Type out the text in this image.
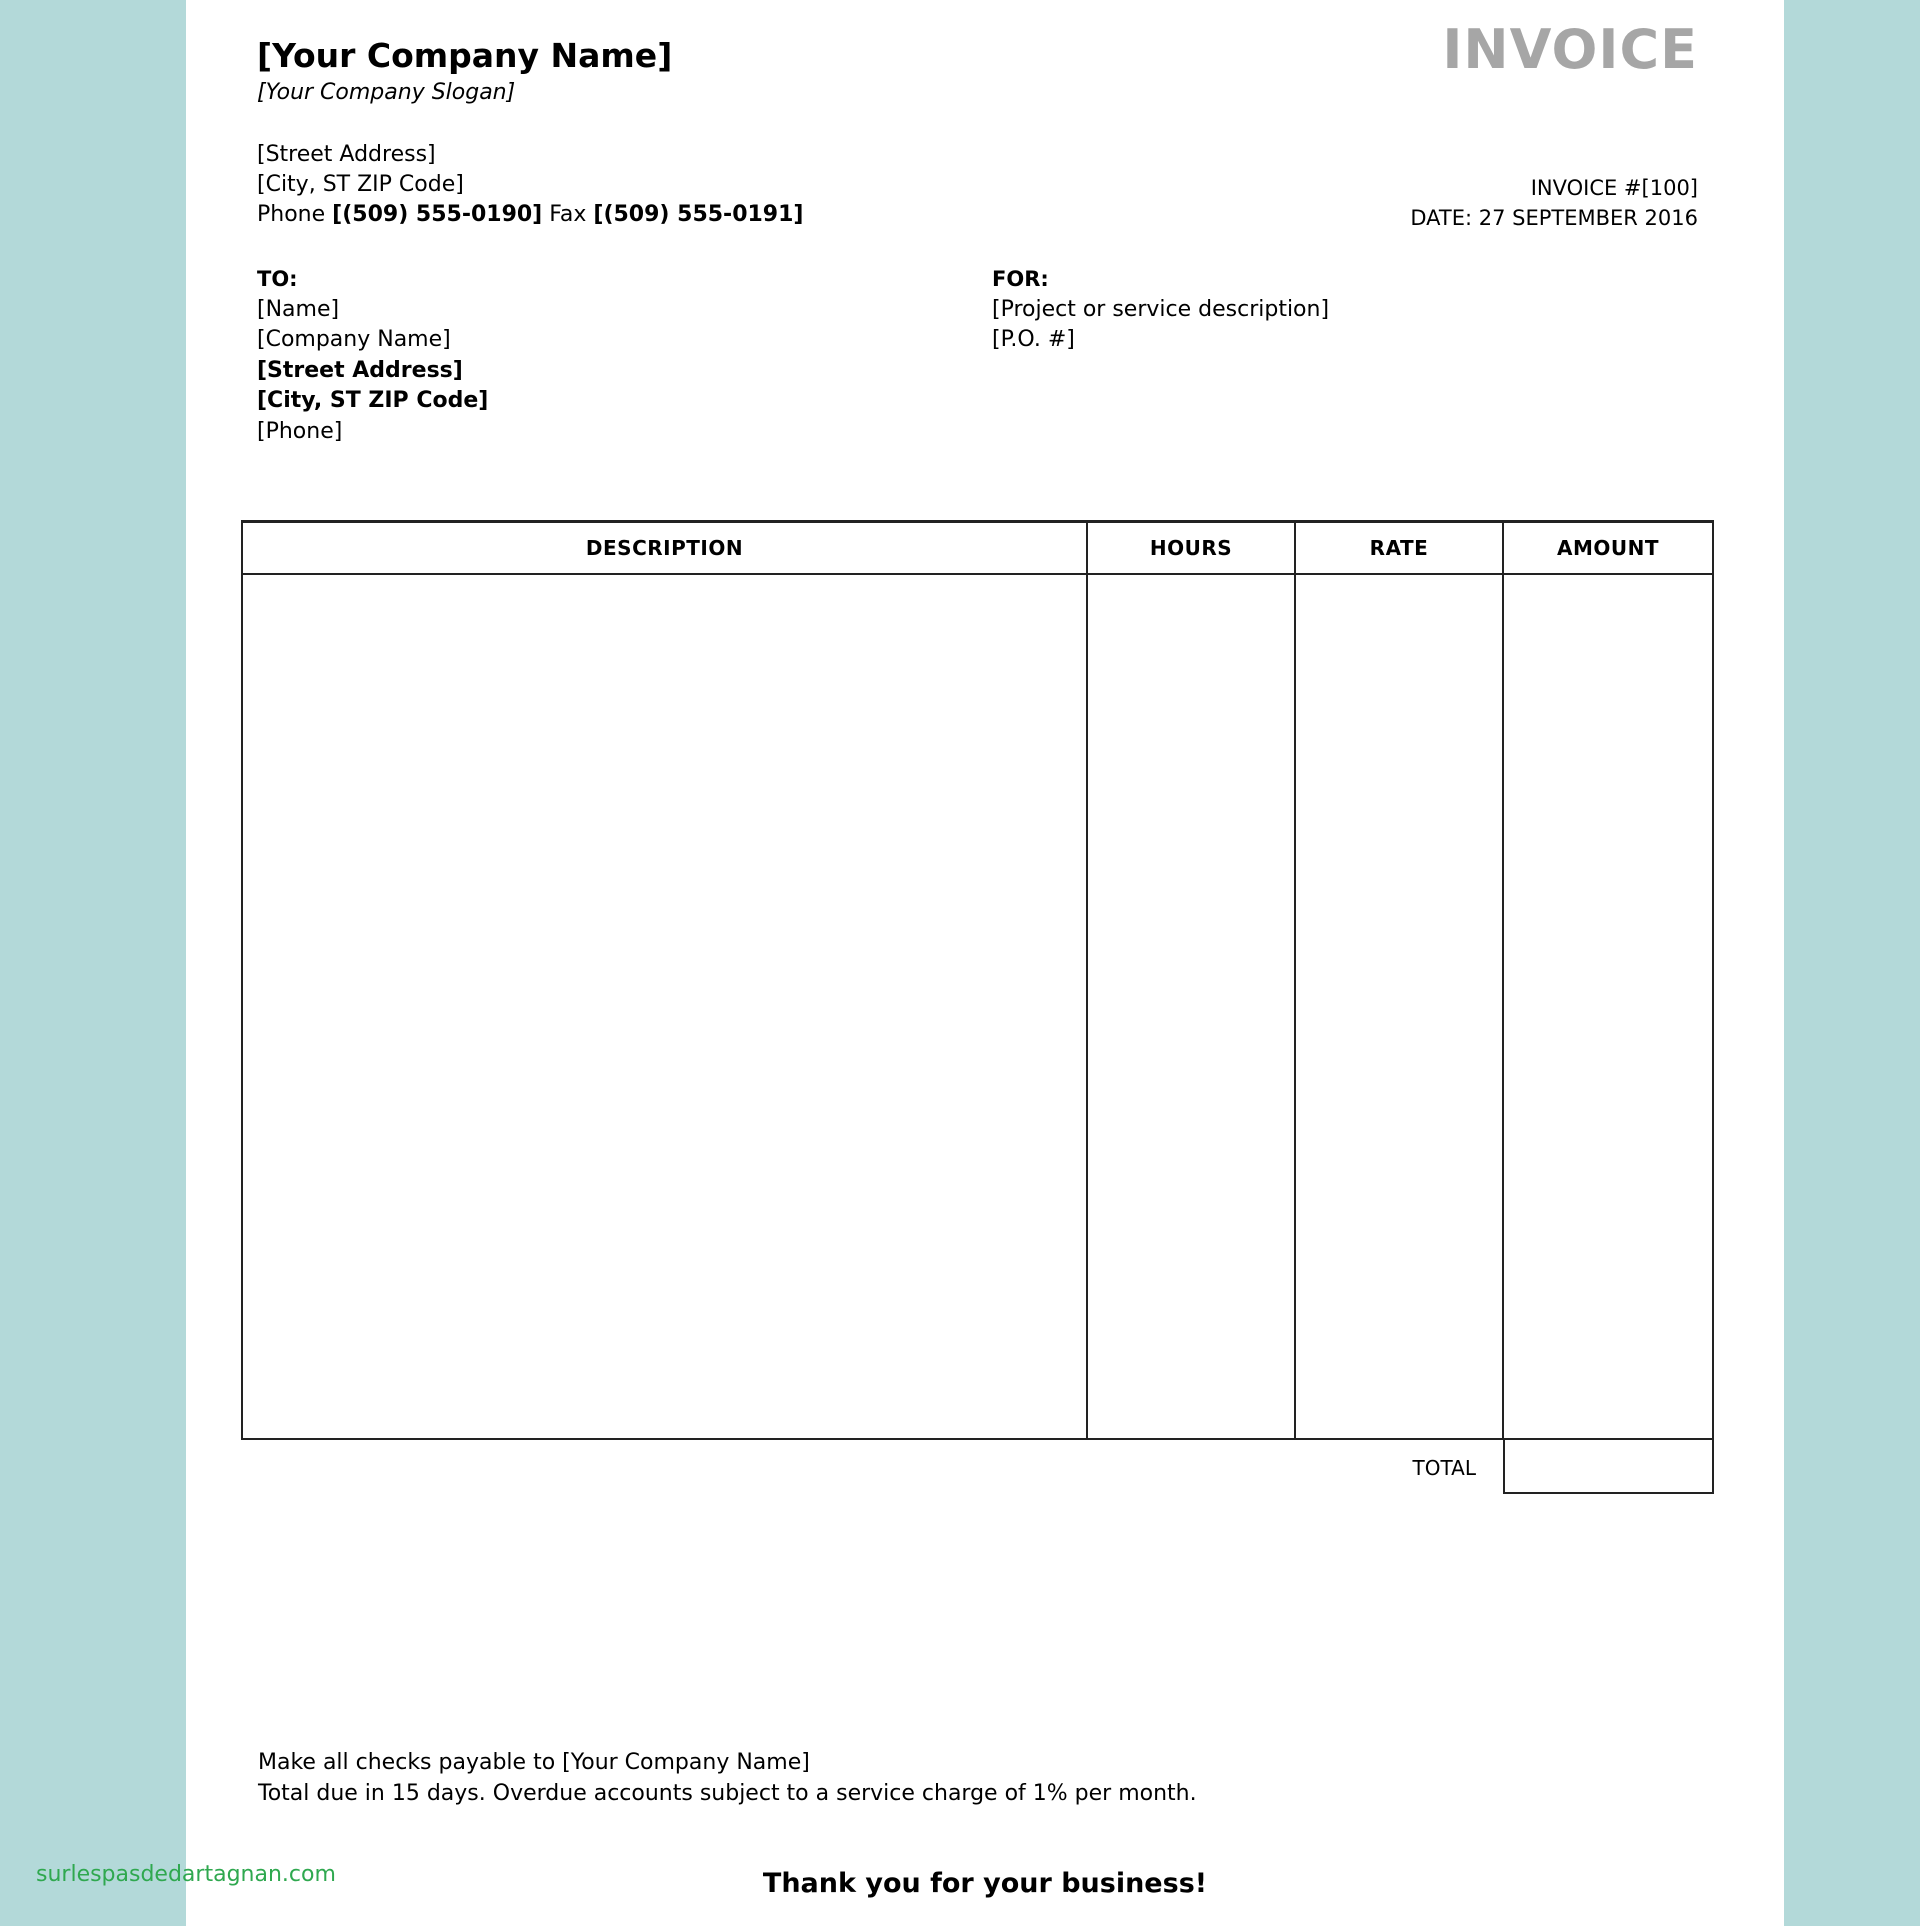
[Your Company Name]
[Your Company Slogan]
INVOICE
[Street Address]
[City, ST ZIP Code]
Phone [(509) 555-0190] Fax [(509) 555-0191]
INVOICE #[100]
DATE: 27 SEPTEMBER 2016
TO:
[Name]
[Company Name]
[Street Address]
[City, ST ZIP Code]
[Phone]
FOR:
[Project or service description]
[P.O. #]
DESCRIPTION	HOURS	RATE	AMOUNT
TOTAL
Make all checks payable to [Your Company Name]
Total due in 15 days. Overdue accounts subject to a service charge of 1% per month.
Thank you for your business!
surlespasdedartagnan.com
